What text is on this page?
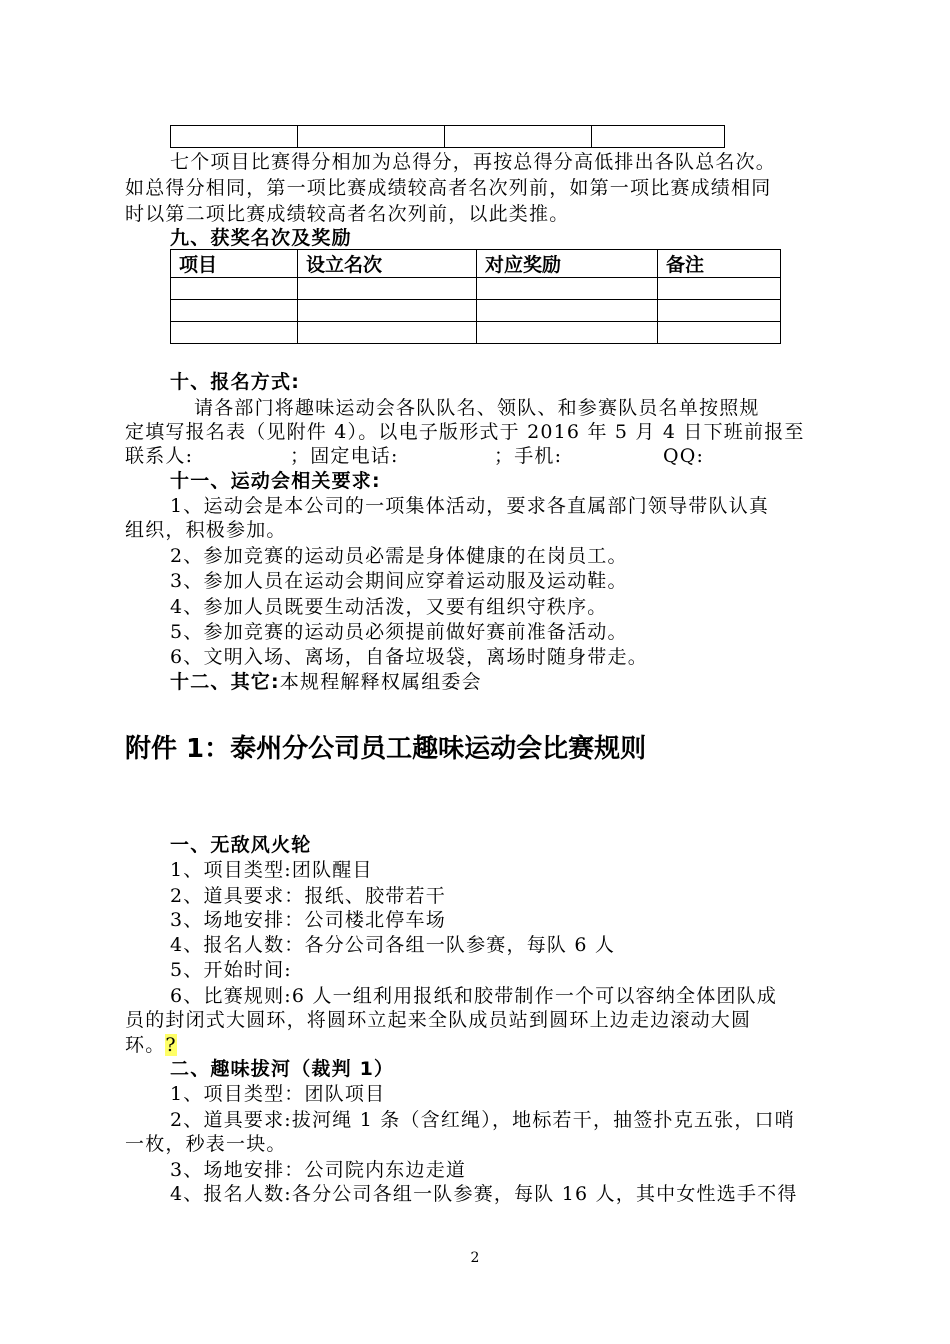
七个项目比赛得分相加为总得分，再按总得分高低排出各队总名次。
如总得分相同，第一项比赛成绩较高者名次列前，如第一项比赛成绩相同
时以第二项比赛成绩较高者名次列前，以此类推。
九、获奖名次及奖励
项目	设立名次	对应奖励	备注

十、报名方式:
请各部门将趣味运动会各队队名、领队、和参赛队员名单按照规
定填写报名表（见附件 4）。以电子版形式于 2016 年 5 月 4 日下班前报至
联系人:	；固定电话:	；手机:	QQ:
十一、运动会相关要求:
1、运动会是本公司的一项集体活动，要求各直属部门领导带队认真
组织，积极参加。
2、参加竞赛的运动员必需是身体健康的在岗员工。
3、参加人员在运动会期间应穿着运动服及运动鞋。
4、参加人员既要生动活泼，又要有组织守秩序。
5、参加竞赛的运动员必须提前做好赛前准备活动。
6、文明入场、离场，自备垃圾袋，离场时随身带走。
十二、其它:本规程解释权属组委会
附件 1：泰州分公司员工趣味运动会比赛规则
一、无敌风火轮
1、项目类型:团队醒目
2、道具要求：报纸、胶带若干
3、场地安排：公司楼北停车场
4、报名人数：各分公司各组一队参赛，每队 6 人
5、开始时间:
6、比赛规则:6 人一组利用报纸和胶带制作一个可以容纳全体团队成
员的封闭式大圆环，将圆环立起来全队成员站到圆环上边走边滚动大圆
环。?
二、趣味拔河（裁判 1）
1、项目类型：团队项目
2、道具要求:拔河绳 1 条（含红绳），地标若干，抽签扑克五张，口哨
一枚，秒表一块。
3、场地安排：公司院内东边走道
4、报名人数:各分公司各组一队参赛，每队 16 人，其中女性选手不得
2
